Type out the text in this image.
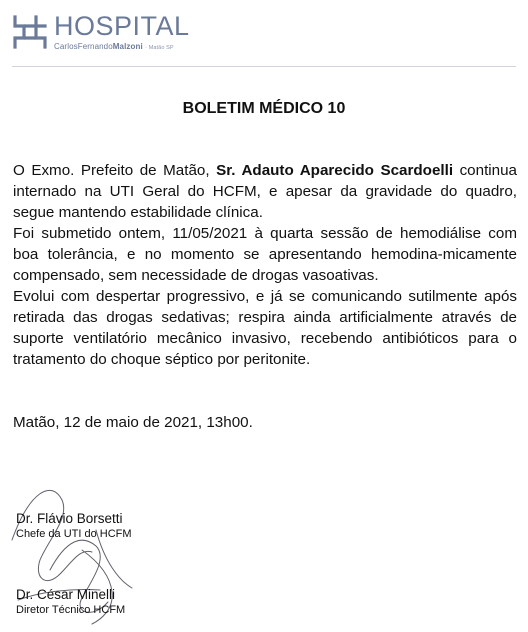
HOSPITAL
CarlosFernandoMalzoni · Matão SP
BOLETIM MÉDICO 10

O Exmo. Prefeito de Matão, Sr. Adauto Aparecido Scardoelli continua internado na UTI Geral do HCFM, e apesar da gravidade do quadro, segue mantendo estabilidade clínica.

Foi submetido ontem, 11/05/2021 à quarta sessão de hemodiálise com boa tolerância, e no momento se apresentando hemodina-micamente compensado, sem necessidade de drogas vasoativas.

Evolui com despertar progressivo, e já se comunicando sutilmente após retirada das drogas sedativas; respira ainda artificialmente através de suporte ventilatório mecânico invasivo, recebendo antibióticos para o tratamento do choque séptico por peritonite.

Matão, 12 de maio de 2021, 13h00.
Dr. Flávio Borsetti
Chefe da UTI do HCFM
Dr. César Minelli
Diretor Técnico HCFM
